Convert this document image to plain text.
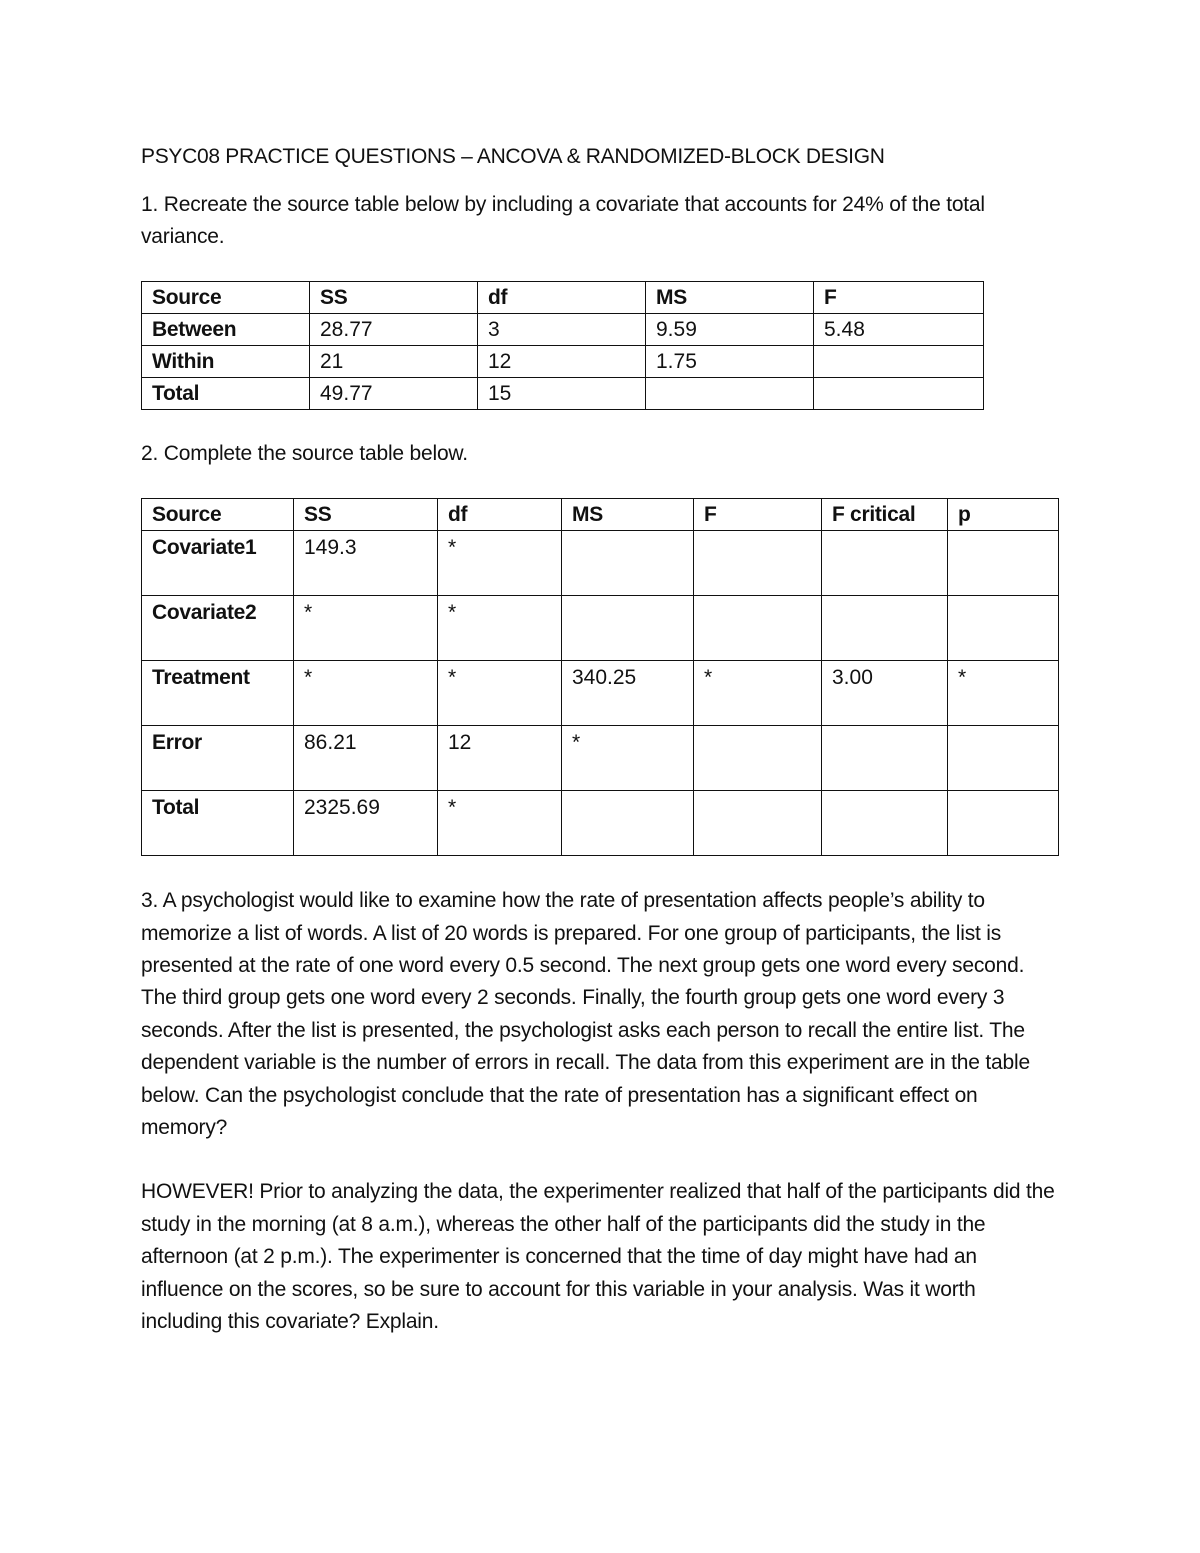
PSYC08 PRACTICE QUESTIONS – ANCOVA & RANDOMIZED-BLOCK DESIGN

1. Recreate the source table below by including a covariate that accounts for 24% of the total variance.

Source	SS	df	MS	F
Between	28.77	3	9.59	5.48
Within	21	12	1.75	
Total	49.77	15		

2. Complete the source table below.

Source	SS	df	MS	F	F critical	p
Covariate1	149.3	*				
Covariate2	*	*				
Treatment	*	*	340.25	*	3.00	*
Error	86.21	12	*			
Total	2325.69	*				

3. A psychologist would like to examine how the rate of presentation affects people’s ability to memorize a list of words. A list of 20 words is prepared. For one group of participants, the list is presented at the rate of one word every 0.5 second. The next group gets one word every second. The third group gets one word every 2 seconds. Finally, the fourth group gets one word every 3 seconds. After the list is presented, the psychologist asks each person to recall the entire list. The dependent variable is the number of errors in recall. The data from this experiment are in the table below. Can the psychologist conclude that the rate of presentation has a significant effect on memory?

HOWEVER! Prior to analyzing the data, the experimenter realized that half of the participants did the study in the morning (at 8 a.m.), whereas the other half of the participants did the study in the afternoon (at 2 p.m.). The experimenter is concerned that the time of day might have had an influence on the scores, so be sure to account for this variable in your analysis. Was it worth including this covariate? Explain.
